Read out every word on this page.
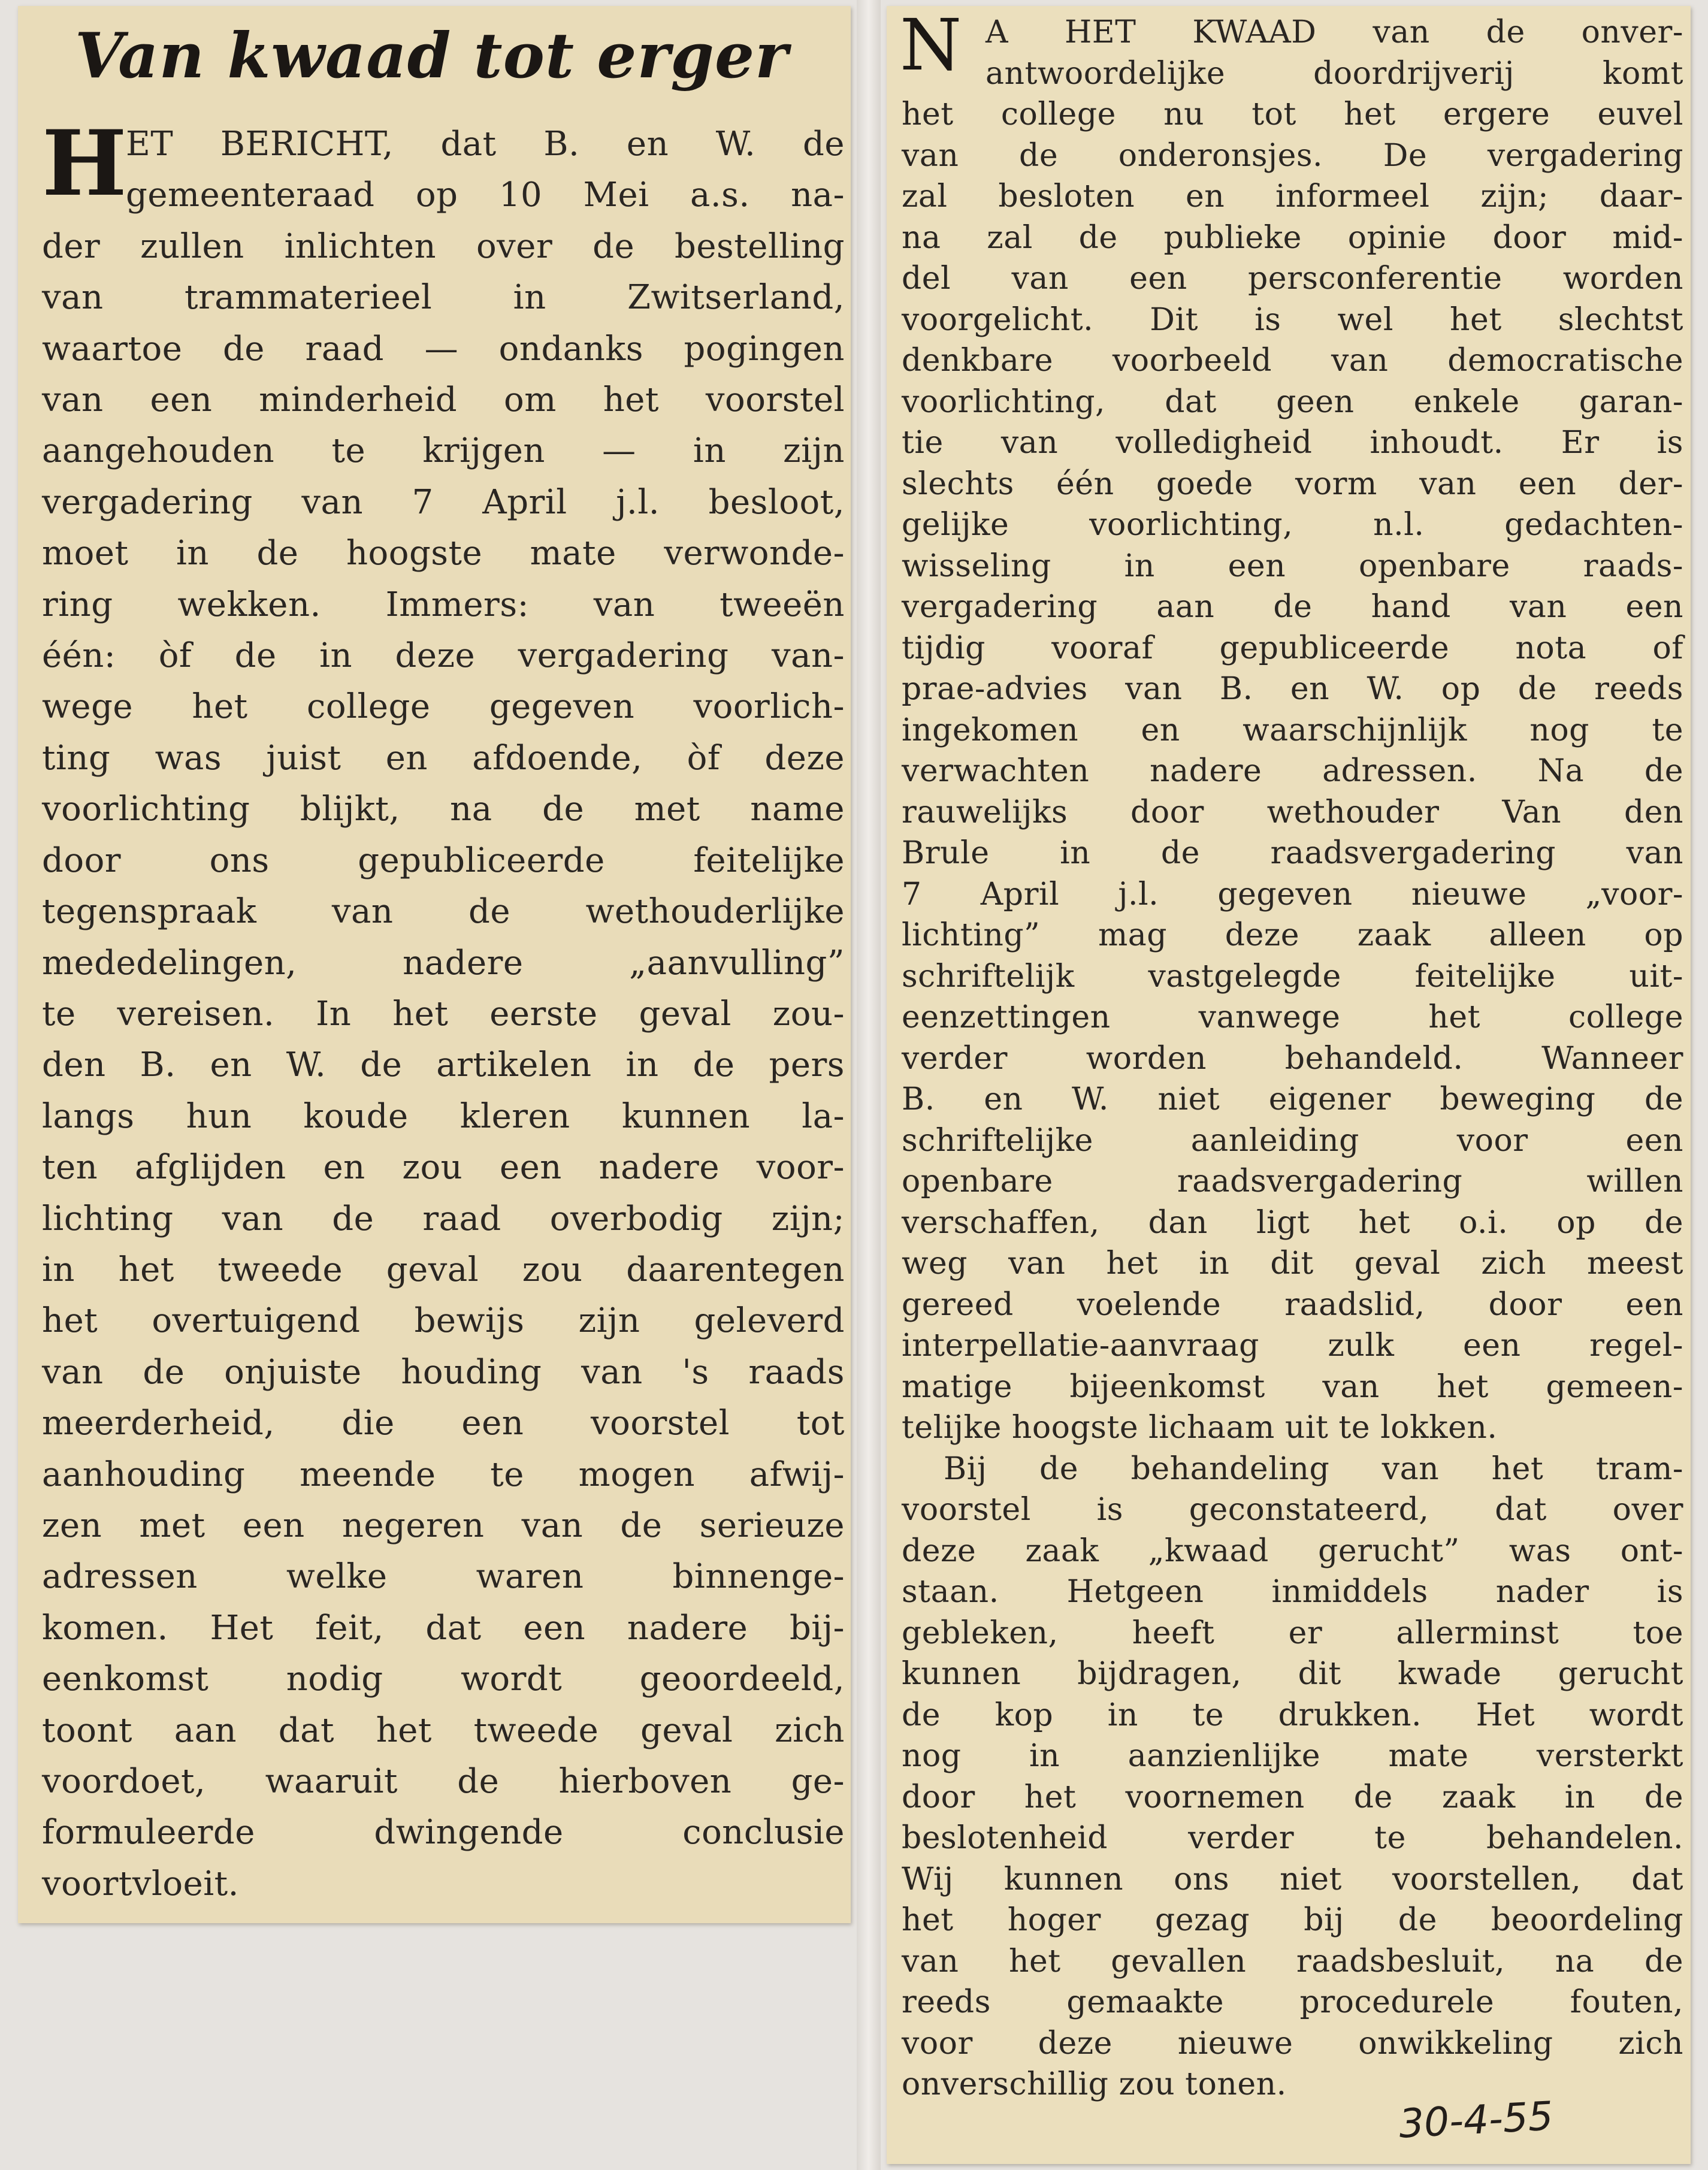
Van kwaad tot erger
H
ET BERICHT, dat B. en W. de
gemeenteraad op 10 Mei a.s. na-
der zullen inlichten over de bestelling
van trammaterieel in Zwitserland,
waartoe de raad — ondanks pogingen
van een minderheid om het voorstel
aangehouden te krijgen — in zijn
vergadering van 7 April j.l. besloot,
moet in de hoogste mate verwonde-
ring wekken. Immers: van tweeën
één: òf de in deze vergadering van-
wege het college gegeven voorlich-
ting was juist en afdoende, òf deze
voorlichting blijkt, na de met name
door ons gepubliceerde feitelijke
tegenspraak van de wethouderlijke
mededelingen, nadere „aanvulling”
te vereisen. In het eerste geval zou-
den B. en W. de artikelen in de pers
langs hun koude kleren kunnen la-
ten afglijden en zou een nadere voor-
lichting van de raad overbodig zijn;
in het tweede geval zou daarentegen
het overtuigend bewijs zijn geleverd
van de onjuiste houding van 's raads
meerderheid, die een voorstel tot
aanhouding meende te mogen afwij-
zen met een negeren van de serieuze
adressen welke waren binnenge-
komen. Het feit, dat een nadere bij-
eenkomst nodig wordt geoordeeld,
toont aan dat het tweede geval zich
voordoet, waaruit de hierboven ge-
formuleerde dwingende conclusie
voortvloeit.
N A HET KWAAD van de onver-
antwoordelijke doordrijverij komt
het college nu tot het ergere euvel
van de onderonsjes. De vergadering
zal besloten en informeel zijn; daar-
na zal de publieke opinie door mid-
del van een persconferentie worden
voorgelicht. Dit is wel het slechtst
denkbare voorbeeld van democratische
voorlichting, dat geen enkele garan-
tie van volledigheid inhoudt. Er is
slechts één goede vorm van een der-
gelijke voorlichting, n.l. gedachten-
wisseling in een openbare raads-
vergadering aan de hand van een
tijdig vooraf gepubliceerde nota of
prae-advies van B. en W. op de reeds
ingekomen en waarschijnlijk nog te
verwachten nadere adressen. Na de
rauwelijks door wethouder Van den
Brule in de raadsvergadering van
7 April j.l. gegeven nieuwe „voor-
lichting” mag deze zaak alleen op
schriftelijk vastgelegde feitelijke uit-
eenzettingen vanwege het college
verder worden behandeld. Wanneer
B. en W. niet eigener beweging de
schriftelijke aanleiding voor een
openbare raadsvergadering willen
verschaffen, dan ligt het o.i. op de
weg van het in dit geval zich meest
gereed voelende raadslid, door een
interpellatie-aanvraag zulk een regel-
matige bijeenkomst van het gemeen-
telijke hoogste lichaam uit te lokken.
Bij de behandeling van het tram-
voorstel is geconstateerd, dat over
deze zaak „kwaad gerucht” was ont-
staan. Hetgeen inmiddels nader is
gebleken, heeft er allerminst toe
kunnen bijdragen, dit kwade gerucht
de kop in te drukken. Het wordt
nog in aanzienlijke mate versterkt
door het voornemen de zaak in de
beslotenheid verder te behandelen.
Wij kunnen ons niet voorstellen, dat
het hoger gezag bij de beoordeling
van het gevallen raadsbesluit, na de
reeds gemaakte procedurele fouten,
voor deze nieuwe onwikkeling zich
onverschillig zou tonen.
30-4-55
